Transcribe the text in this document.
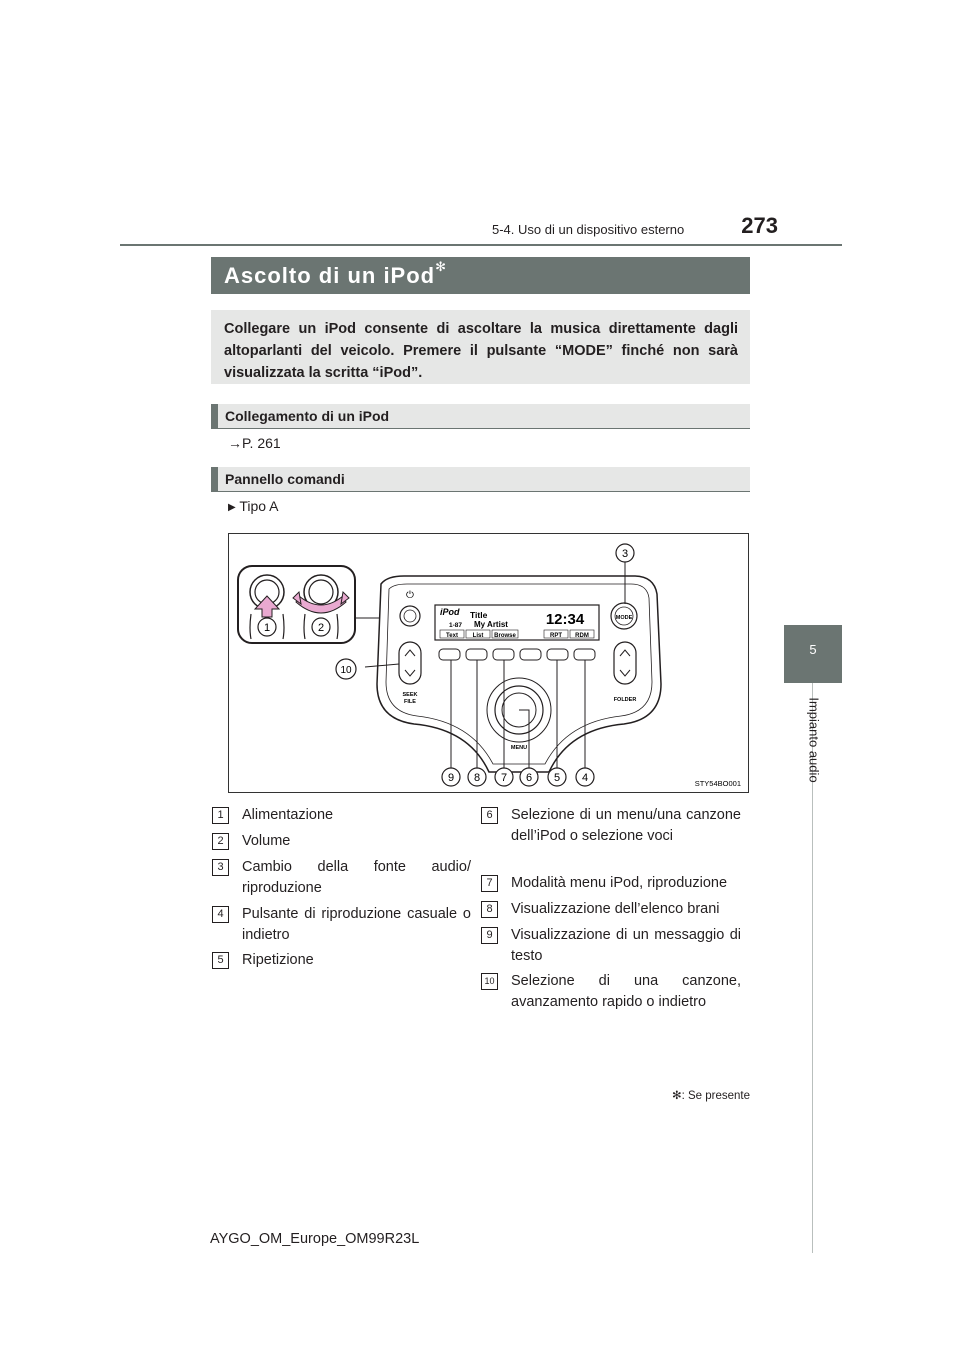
5-4. Uso di un dispositivo esterno	273
5
Impianto audio
Ascolto di un iPod✻

Collegare un iPod consente di ascoltare la musica direttamente dagli altoparlanti del veicolo. Premere il pulsante “MODE” finché non sarà visualizzata la scritta “iPod”.

Collegamento di un iPod
→P. 261
Pannello comandi
▶ Tipo A
1	2
⏻
iPod Title
My Artist
1-87	12:34
Text List Browse	RPT RDM
MODE
SEEK
FILE	FOLDER
MENU
3
4
5
6
7
8
9
10
STY54BO001
1	Alimentazione
2	Volume
3	Cambio della fonte audio/ riproduzione
4	Pulsante di riproduzione casuale o indietro
5	Ripetizione
6	Selezione di un menu/una canzone dell’iPod o selezione voci
7	Modalità menu iPod, riproduzione
8	Visualizzazione dell’elenco brani
9	Visualizzazione di un messaggio di testo
10 Selezione di una canzone, avanzamento rapido o indietro
✻: Se presente
AYGO_OM_Europe_OM99R23L
